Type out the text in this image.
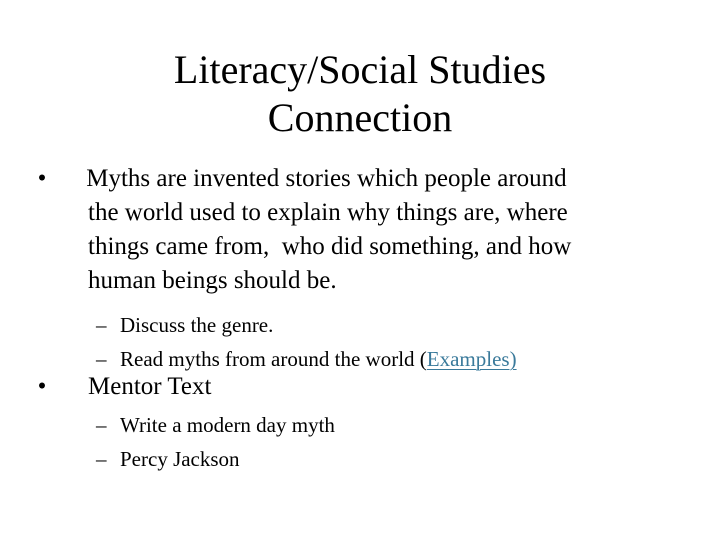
Literacy/Social Studies
Connection
•	Myths are invented stories which people around
the world used to explain why things are, where
things came from,  who did something, and how
human beings should be.
– Discuss the genre.
– Read myths from around the world (Examples)
•	Mentor Text
– Write a modern day myth
– Percy Jackson
